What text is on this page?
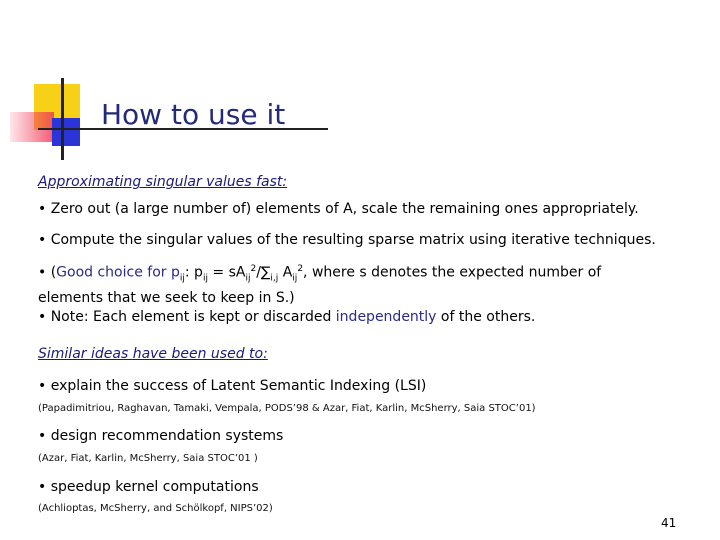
How to use it
Approximating singular values fast:
• Zero out (a large number of) elements of A, scale the remaining ones appropriately.
• Compute the singular values of the resulting sparse matrix using iterative techniques.
• (Good choice for $p_{ij}$: $p_{ij} = sA_{ij}^2/\sum_{i,j}$ $A_{ij}^2$, where s denotes the expected number of
elements that we seek to keep in S.)
• Note: Each element is kept or discarded independently of the others.
Similar ideas have been used to:
• explain the success of Latent Semantic Indexing (LSI)
(Papadimitriou, Raghavan, Tamaki, Vempala, PODS’98 & Azar, Fiat, Karlin, McSherry, Saia STOC’01)
• design recommendation systems
(Azar, Fiat, Karlin, McSherry, Saia STOC’01 )
• speedup kernel computations
(Achlioptas, McSherry, and Schölkopf, NIPS’02)
41
